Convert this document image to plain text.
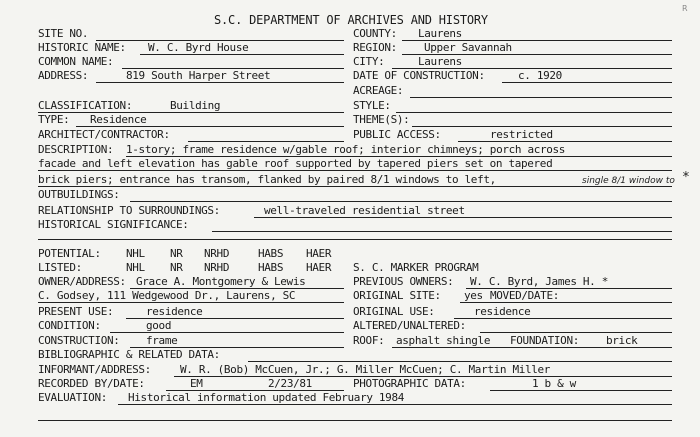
S.C. DEPARTMENT OF ARCHIVES AND HISTORY
R
SITE NO.	COUNTY: Laurens
HISTORIC NAME: W. C. Byrd House	REGION: Upper Savannah
COMMON NAME:	CITY:	Laurens
ADDRESS:	819 South Harper Street	DATE OF CONSTRUCTION:	c. 1920
ACREAGE:
CLASSIFICATION:	Building	STYLE:
TYPE: Residence	THEME(S):
ARCHITECT/CONTRACTOR:	PUBLIC ACCESS:	restricted
DESCRIPTION: 1-story; frame residence w/gable roof; interior chimneys; porch across
facade and left elevation has gable roof supported by tapered piers set on tapered
brick piers; entrance has transom, flanked by paired 8/1 windows to left,	single 8/1 window to *
OUTBUILDINGS:
RELATIONSHIP TO SURROUNDINGS:	well-traveled residential street
HISTORICAL SIGNIFICANCE:
POTENTIAL: NHL NR NRHD	HABS HAER
LISTED:	NHL NR NRHD	HABS HAER S. C. MARKER PROGRAM
OWNER/ADDRESS: Grace A. Montgomery & Lewis	PREVIOUS OWNERS: W. C. Byrd, James H. *
C. Godsey, 111 Wedgewood Dr., Laurens, SC	ORIGINAL SITE: yes MOVED/DATE:
PRESENT USE:	residence	ORIGINAL USE:	residence
CONDITION:	good	ALTERED/UNALTERED:
CONSTRUCTION: frame	ROOF: asphalt shingle FOUNDATION: brick
BIBLIOGRAPHIC & RELATED DATA:
INFORMANT/ADDRESS:	W. R. (Bob) McCuen, Jr.; G. Miller McCuen; C. Martin Miller
RECORDED BY/DATE:	EM	2/23/81	PHOTOGRAPHIC DATA:	1 b & w
EVALUATION: Historical information updated February 1984
